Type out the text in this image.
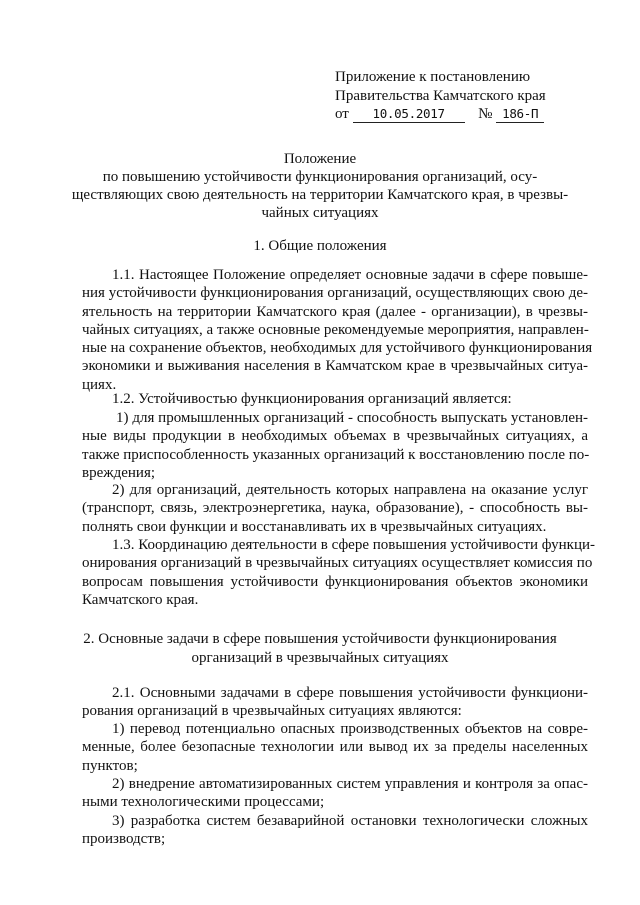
Приложение к постановлению
Правительства Камчатского края
от 10.05.2017 № 186-П
Положение
по повышению устойчивости функционирования организаций, осу-
ществляющих свою деятельность на территории Камчатского края, в чрезвы-
чайных ситуациях
1. Общие положения
1.1. Настоящее Положение определяет основные задачи в сфере повыше-
ния устойчивости функционирования организаций, осуществляющих свою де-
ятельность на территории Камчатского края (далее - организации), в чрезвы-
чайных ситуациях, а также основные рекомендуемые мероприятия, направлен-
ные на сохранение объектов, необходимых для устойчивого функционирования
экономики и выживания населения в Камчатском крае в чрезвычайных ситуа-
циях.
1.2. Устойчивостью функционирования организаций является:
1) для промышленных организаций - способность выпускать установлен-
ные виды продукции в необходимых объемах в чрезвычайных ситуациях, а
также приспособленность указанных организаций к восстановлению после по-
вреждения;
2) для организаций, деятельность которых направлена на оказание услуг
(транспорт, связь, электроэнергетика, наука, образование), - способность вы-
полнять свои функции и восстанавливать их в чрезвычайных ситуациях.
1.3. Координацию деятельности в сфере повышения устойчивости функци-
онирования организаций в чрезвычайных ситуациях осуществляет комиссия по
вопросам повышения устойчивости функционирования объектов экономики
Камчатского края.
2. Основные задачи в сфере повышения устойчивости функционирования
организаций в чрезвычайных ситуациях
2.1. Основными задачами в сфере повышения устойчивости функциони-
рования организаций в чрезвычайных ситуациях являются:
1) перевод потенциально опасных производственных объектов на совре-
менные, более безопасные технологии или вывод их за пределы населенных
пунктов;
2) внедрение автоматизированных систем управления и контроля за опас-
ными технологическими процессами;
3) разработка систем безаварийной остановки технологически сложных
производств;
